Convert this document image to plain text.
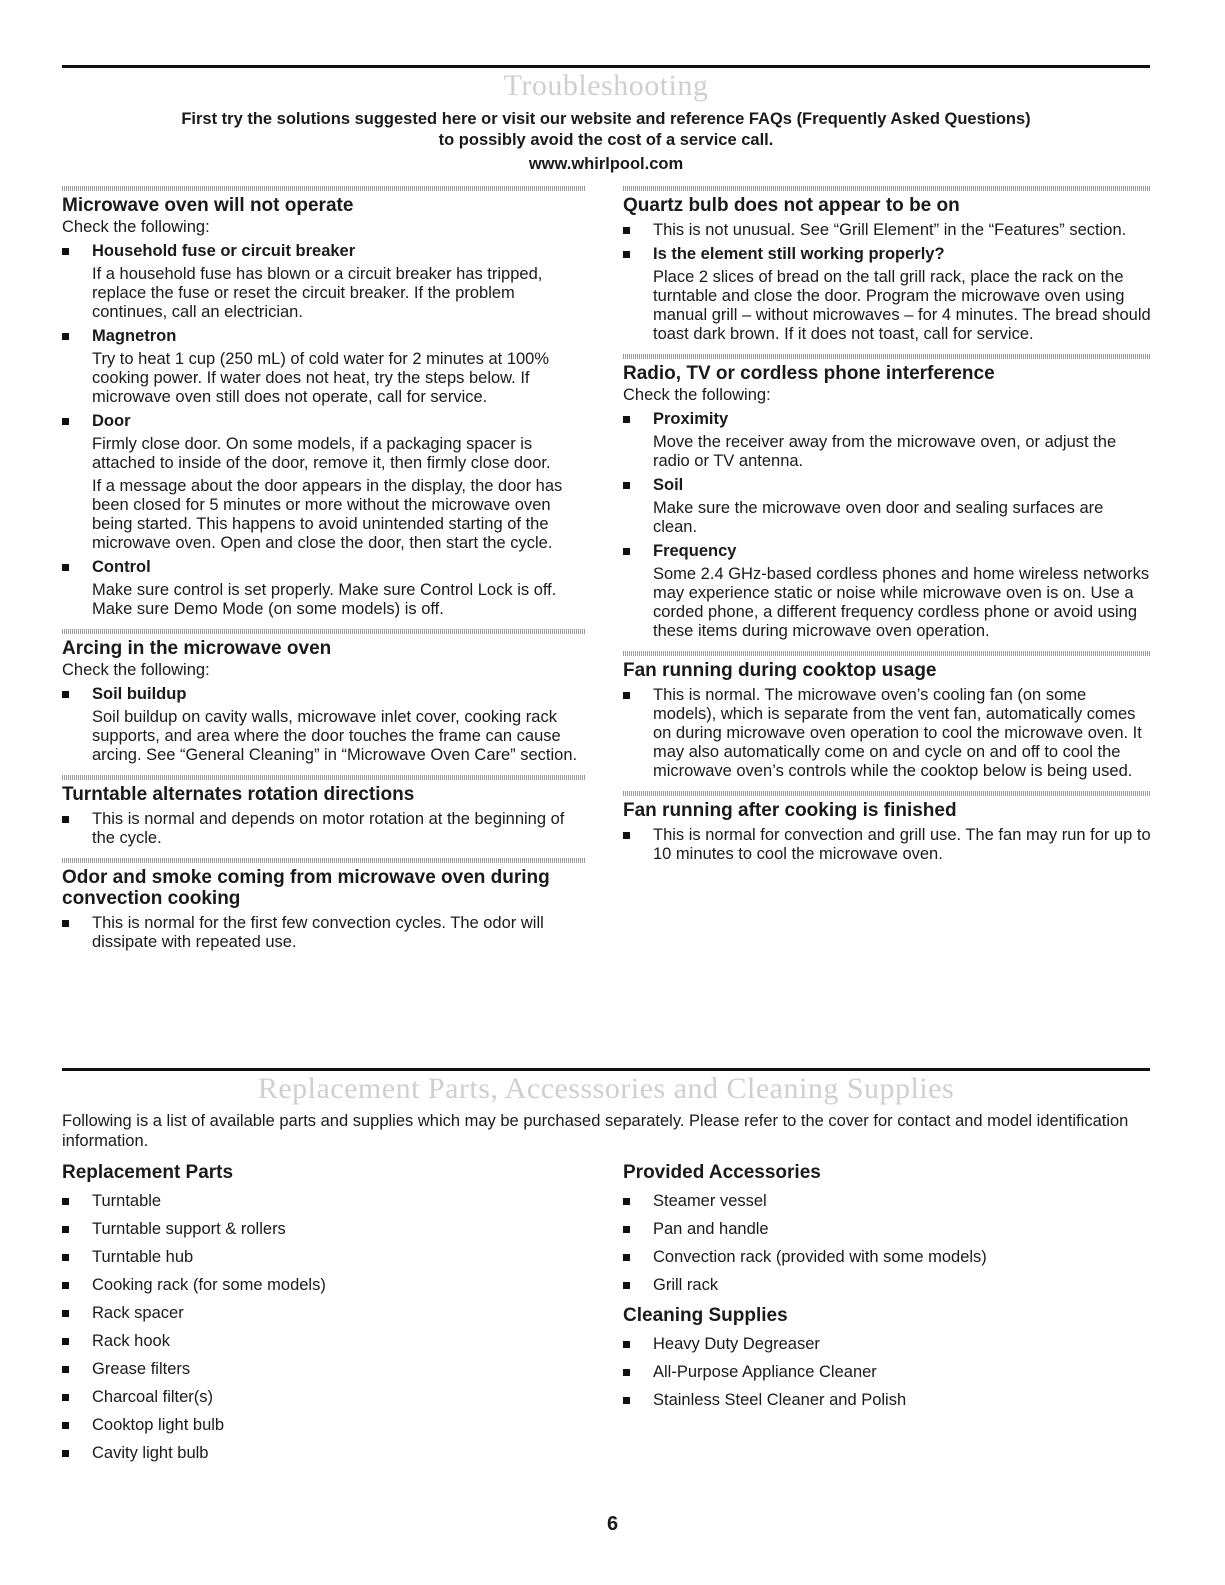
Troubleshooting
First try the solutions suggested here or visit our website and reference FAQs (Frequently Asked Questions)
to possibly avoid the cost of a service call.
www.whirlpool.com
Microwave oven will not operate

Check the following:

Household fuse or circuit breaker
If a household fuse has blown or a circuit breaker has tripped, replace the fuse or reset the circuit breaker. If the problem continues, call an electrician.
Magnetron
Try to heat 1 cup (250 mL) of cold water for 2 minutes at 100% cooking power. If water does not heat, try the steps below. If microwave oven still does not operate, call for service.
Door
Firmly close door. On some models, if a packaging spacer is attached to inside of the door, remove it, then firmly close door.
If a message about the door appears in the display, the door has been closed for 5 minutes or more without the microwave oven being started. This happens to avoid unintended starting of the microwave oven. Open and close the door, then start the cycle.
Control
Make sure control is set properly. Make sure Control Lock is off. Make sure Demo Mode (on some models) is off.
Arcing in the microwave oven

Check the following:

Soil buildup
Soil buildup on cavity walls, microwave inlet cover, cooking rack supports, and area where the door touches the frame can cause arcing. See “General Cleaning” in “Microwave Oven Care” section.
Turntable alternates rotation directions
This is normal and depends on motor rotation at the beginning of the cycle.
Odor and smoke coming from microwave oven during convection cooking
This is normal for the first few convection cycles. The odor will dissipate with repeated use.
Quartz bulb does not appear to be on
This is not unusual. See “Grill Element” in the “Features” section.
Is the element still working properly?
Place 2 slices of bread on the tall grill rack, place the rack on the turntable and close the door. Program the microwave oven using manual grill – without microwaves – for 4 minutes. The bread should toast dark brown. If it does not toast, call for service.
Radio, TV or cordless phone interference

Check the following:

Proximity
Move the receiver away from the microwave oven, or adjust the radio or TV antenna.
Soil
Make sure the microwave oven door and sealing surfaces are clean.
Frequency
Some 2.4 GHz-based cordless phones and home wireless networks may experience static or noise while microwave oven is on. Use a corded phone, a different frequency cordless phone or avoid using these items during microwave oven operation.
Fan running during cooktop usage
This is normal. The microwave oven’s cooling fan (on some models), which is separate from the vent fan, automatically comes on during microwave oven operation to cool the microwave oven. It may also automatically come on and cycle on and off to cool the microwave oven’s controls while the cooktop below is being used.
Fan running after cooking is finished
This is normal for convection and grill use. The fan may run for up to 10 minutes to cool the microwave oven.
Replacement Parts, Accesssories and Cleaning Supplies
Following is a list of available parts and supplies which may be purchased separately. Please refer to the cover for contact and model identification information.
Replacement Parts
Turntable
Turntable support & rollers
Turntable hub
Cooking rack (for some models)
Rack spacer
Rack hook
Grease filters
Charcoal filter(s)
Cooktop light bulb
Cavity light bulb
Provided Accessories
Steamer vessel
Pan and handle
Convection rack (provided with some models)
Grill rack
Cleaning Supplies
Heavy Duty Degreaser
All-Purpose Appliance Cleaner
Stainless Steel Cleaner and Polish
6
